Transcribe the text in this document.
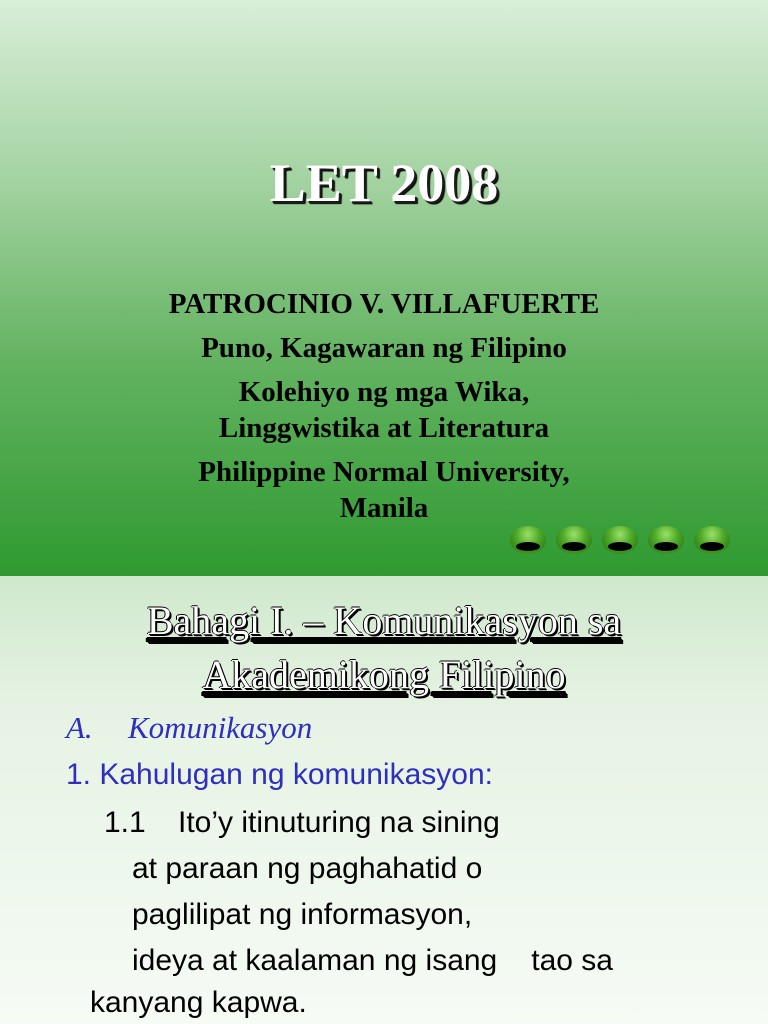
LET 2008
PATROCINIO V. VILLAFUERTE
Puno, Kagawaran ng Filipino
Kolehiyo ng mga Wika,
Linggwistika at Literatura
Philippine Normal University,
Manila
Bahagi I. – Komunikasyon sa
Akademikong Filipino
A. Komunikasyon
1. Kahulugan ng komunikasyon:
1.1 Ito’y itinuturing na sining
at paraan ng paghahatid o
paglilipat ng informasyon,
ideya at kaalaman ng isang tao sa
kanyang kapwa.
